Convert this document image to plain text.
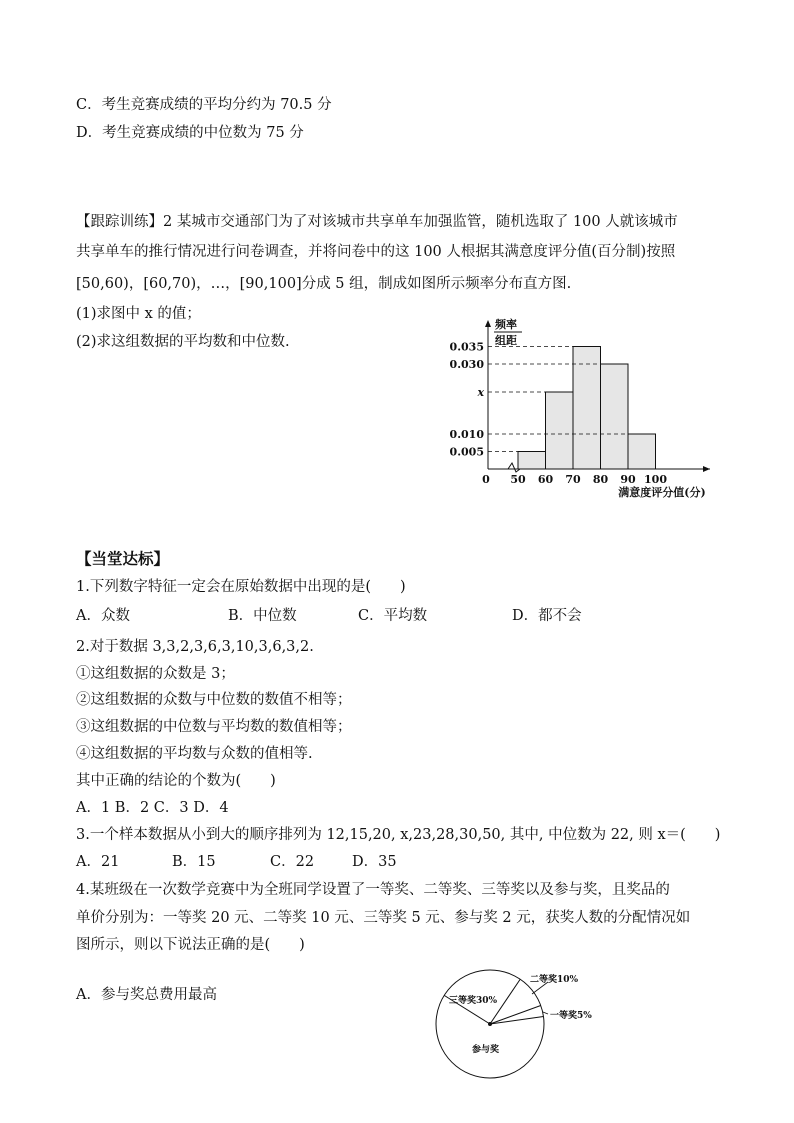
C．考生竞赛成绩的平均分约为 70.5 分
D．考生竞赛成绩的中位数为 75 分
【跟踪训练】2 某城市交通部门为了对该城市共享单车加强监管，随机选取了 100 人就该城市
共享单车的推行情况进行问卷调查，并将问卷中的这 100 人根据其满意度评分值(百分制)按照
[50,60)，[60,70)，…，[90,100]分成 5 组，制成如图所示频率分布直方图.
(1)求图中 x 的值；
(2)求这组数据的平均数和中位数.
频率
组距
0.035
0.030
x
0.010
0.005
0 50 60 70 80 90 100
满意度评分值(分)
【当堂达标】
1.下列数字特征一定会在原始数据中出现的是(　　)
A．众数	B．中位数	C．平均数	D．都不会
2.对于数据 3,3,2,3,6,3,10,3,6,3,2.
①这组数据的众数是 3；
②这组数据的众数与中位数的数值不相等；
③这组数据的中位数与平均数的数值相等；
④这组数据的平均数与众数的值相等.
其中正确的结论的个数为(　　)
A．1 B．2 C．3 D．4
3.一个样本数据从小到大的顺序排列为 12,15,20, x,23,28,30,50, 其中, 中位数为 22, 则 x＝(　　)
A．21	B．15	C．22	D．35
4.某班级在一次数学竞赛中为全班同学设置了一等奖、二等奖、三等奖以及参与奖，且奖品的
单价分别为：一等奖 20 元、二等奖 10 元、三等奖 5 元、参与奖 2 元，获奖人数的分配情况如
图所示，则以下说法正确的是(　　)
A．参与奖总费用最高
一等奖5%
二等奖10%
三等奖30%
参与奖
